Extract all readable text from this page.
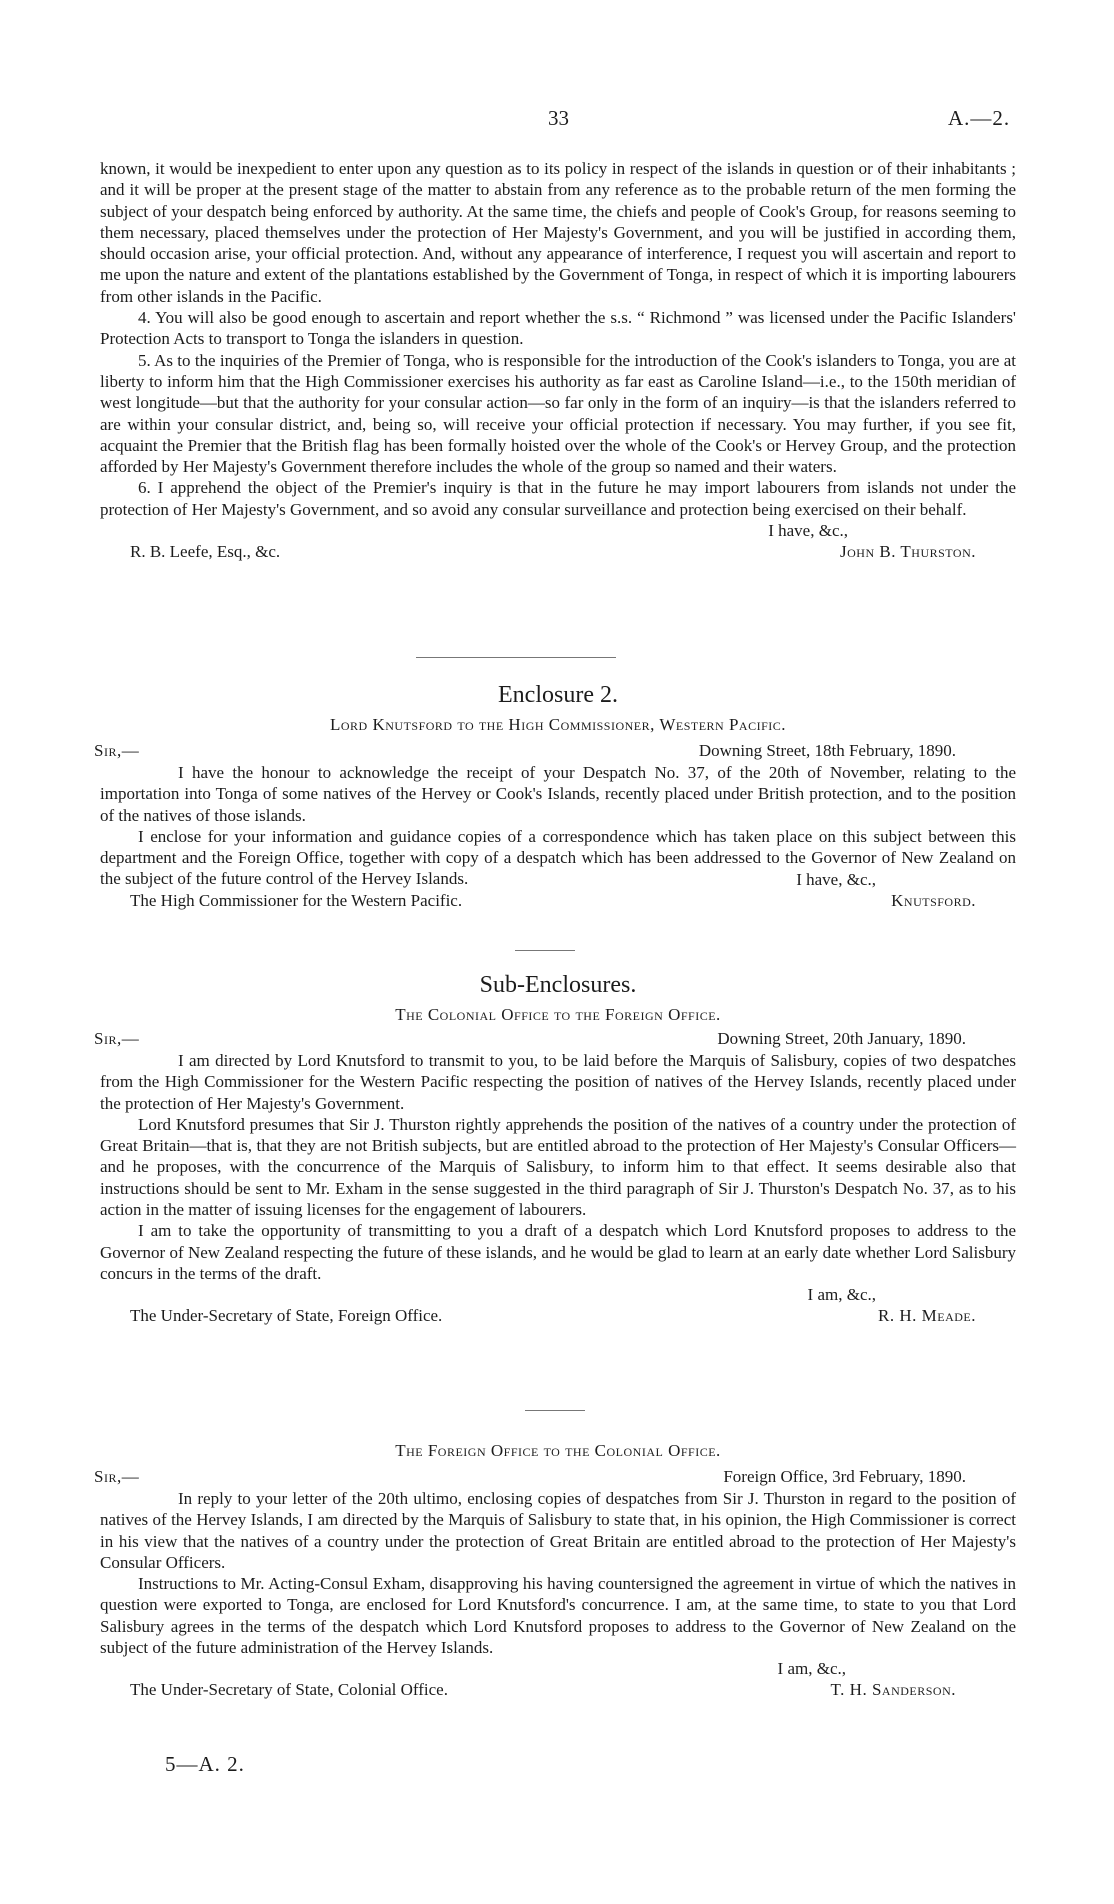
33	A.—2.

known, it would be inexpedient to enter upon any question as to its policy in respect of the islands in question or of their inhabitants ; and it will be proper at the present stage of the matter to abstain from any reference as to the probable return of the men forming the subject of your despatch being enforced by authority. At the same time, the chiefs and people of Cook's Group, for reasons seeming to them necessary, placed themselves under the protection of Her Majesty's Government, and you will be justified in according them, should occasion arise, your official protection. And, without any appearance of interference, I request you will ascertain and report to me upon the nature and extent of the plantations established by the Government of Tonga, in respect of which it is importing labourers from other islands in the Pacific.

4. You will also be good enough to ascertain and report whether the s.s. “ Richmond ” was licensed under the Pacific Islanders' Protection Acts to transport to Tonga the islanders in question.

5. As to the inquiries of the Premier of Tonga, who is responsible for the introduction of the Cook's islanders to Tonga, you are at liberty to inform him that the High Commissioner exercises his authority as far east as Caroline Island—i.e., to the 150th meridian of west longitude—but that the authority for your consular action—so far only in the form of an inquiry—is that the islanders referred to are within your consular district, and, being so, will receive your official protection if necessary. You may further, if you see fit, acquaint the Premier that the British flag has been formally hoisted over the whole of the Cook's or Hervey Group, and the protection afforded by Her Majesty's Government therefore includes the whole of the group so named and their waters.

6. I apprehend the object of the Premier's inquiry is that in the future he may import labourers from islands not under the protection of Her Majesty's Government, and so avoid any consular surveillance and protection being exercised on their behalf.

I have, &c.,
R. B. Leefe, Esq., &c.	John B. Thurston.
Enclosure 2.
Lord Knutsford to the High Commissioner, Western Pacific.
Sir,—	Downing Street, 18th February, 1890.

I have the honour to acknowledge the receipt of your Despatch No. 37, of the 20th of November, relating to the importation into Tonga of some natives of the Hervey or Cook's Islands, recently placed under British protection, and to the position of the natives of those islands.

I enclose for your information and guidance copies of a correspondence which has taken place on this subject between this department and the Foreign Office, together with copy of a despatch which has been addressed to the Governor of New Zealand on the subject of the future control of the Hervey Islands.	I have, &c.,
The High Commissioner for the Western Pacific.	Knutsford.
Sub-Enclosures.
The Colonial Office to the Foreign Office.
Sir,—	Downing Street, 20th January, 1890.

I am directed by Lord Knutsford to transmit to you, to be laid before the Marquis of Salisbury, copies of two despatches from the High Commissioner for the Western Pacific respecting the position of natives of the Hervey Islands, recently placed under the protection of Her Majesty's Government.

Lord Knutsford presumes that Sir J. Thurston rightly apprehends the position of the natives of a country under the protection of Great Britain—that is, that they are not British subjects, but are entitled abroad to the protection of Her Majesty's Consular Officers—and he proposes, with the concurrence of the Marquis of Salisbury, to inform him to that effect. It seems desirable also that instructions should be sent to Mr. Exham in the sense suggested in the third paragraph of Sir J. Thurston's Despatch No. 37, as to his action in the matter of issuing licenses for the engagement of labourers.

I am to take the opportunity of transmitting to you a draft of a despatch which Lord Knutsford proposes to address to the Governor of New Zealand respecting the future of these islands, and he would be glad to learn at an early date whether Lord Salisbury concurs in the terms of the draft.

I am, &c.,
The Under-Secretary of State, Foreign Office.	R. H. Meade.
The Foreign Office to the Colonial Office.
Sir,—	Foreign Office, 3rd February, 1890.

In reply to your letter of the 20th ultimo, enclosing copies of despatches from Sir J. Thurston in regard to the position of natives of the Hervey Islands, I am directed by the Marquis of Salisbury to state that, in his opinion, the High Commissioner is correct in his view that the natives of a country under the protection of Great Britain are entitled abroad to the protection of Her Majesty's Consular Officers.

Instructions to Mr. Acting-Consul Exham, disapproving his having countersigned the agreement in virtue of which the natives in question were exported to Tonga, are enclosed for Lord Knutsford's concurrence. I am, at the same time, to state to you that Lord Salisbury agrees in the terms of the despatch which Lord Knutsford proposes to address to the Governor of New Zealand on the subject of the future administration of the Hervey Islands.

I am, &c.,
The Under-Secretary of State, Colonial Office.	T. H. Sanderson.
5—A. 2.
